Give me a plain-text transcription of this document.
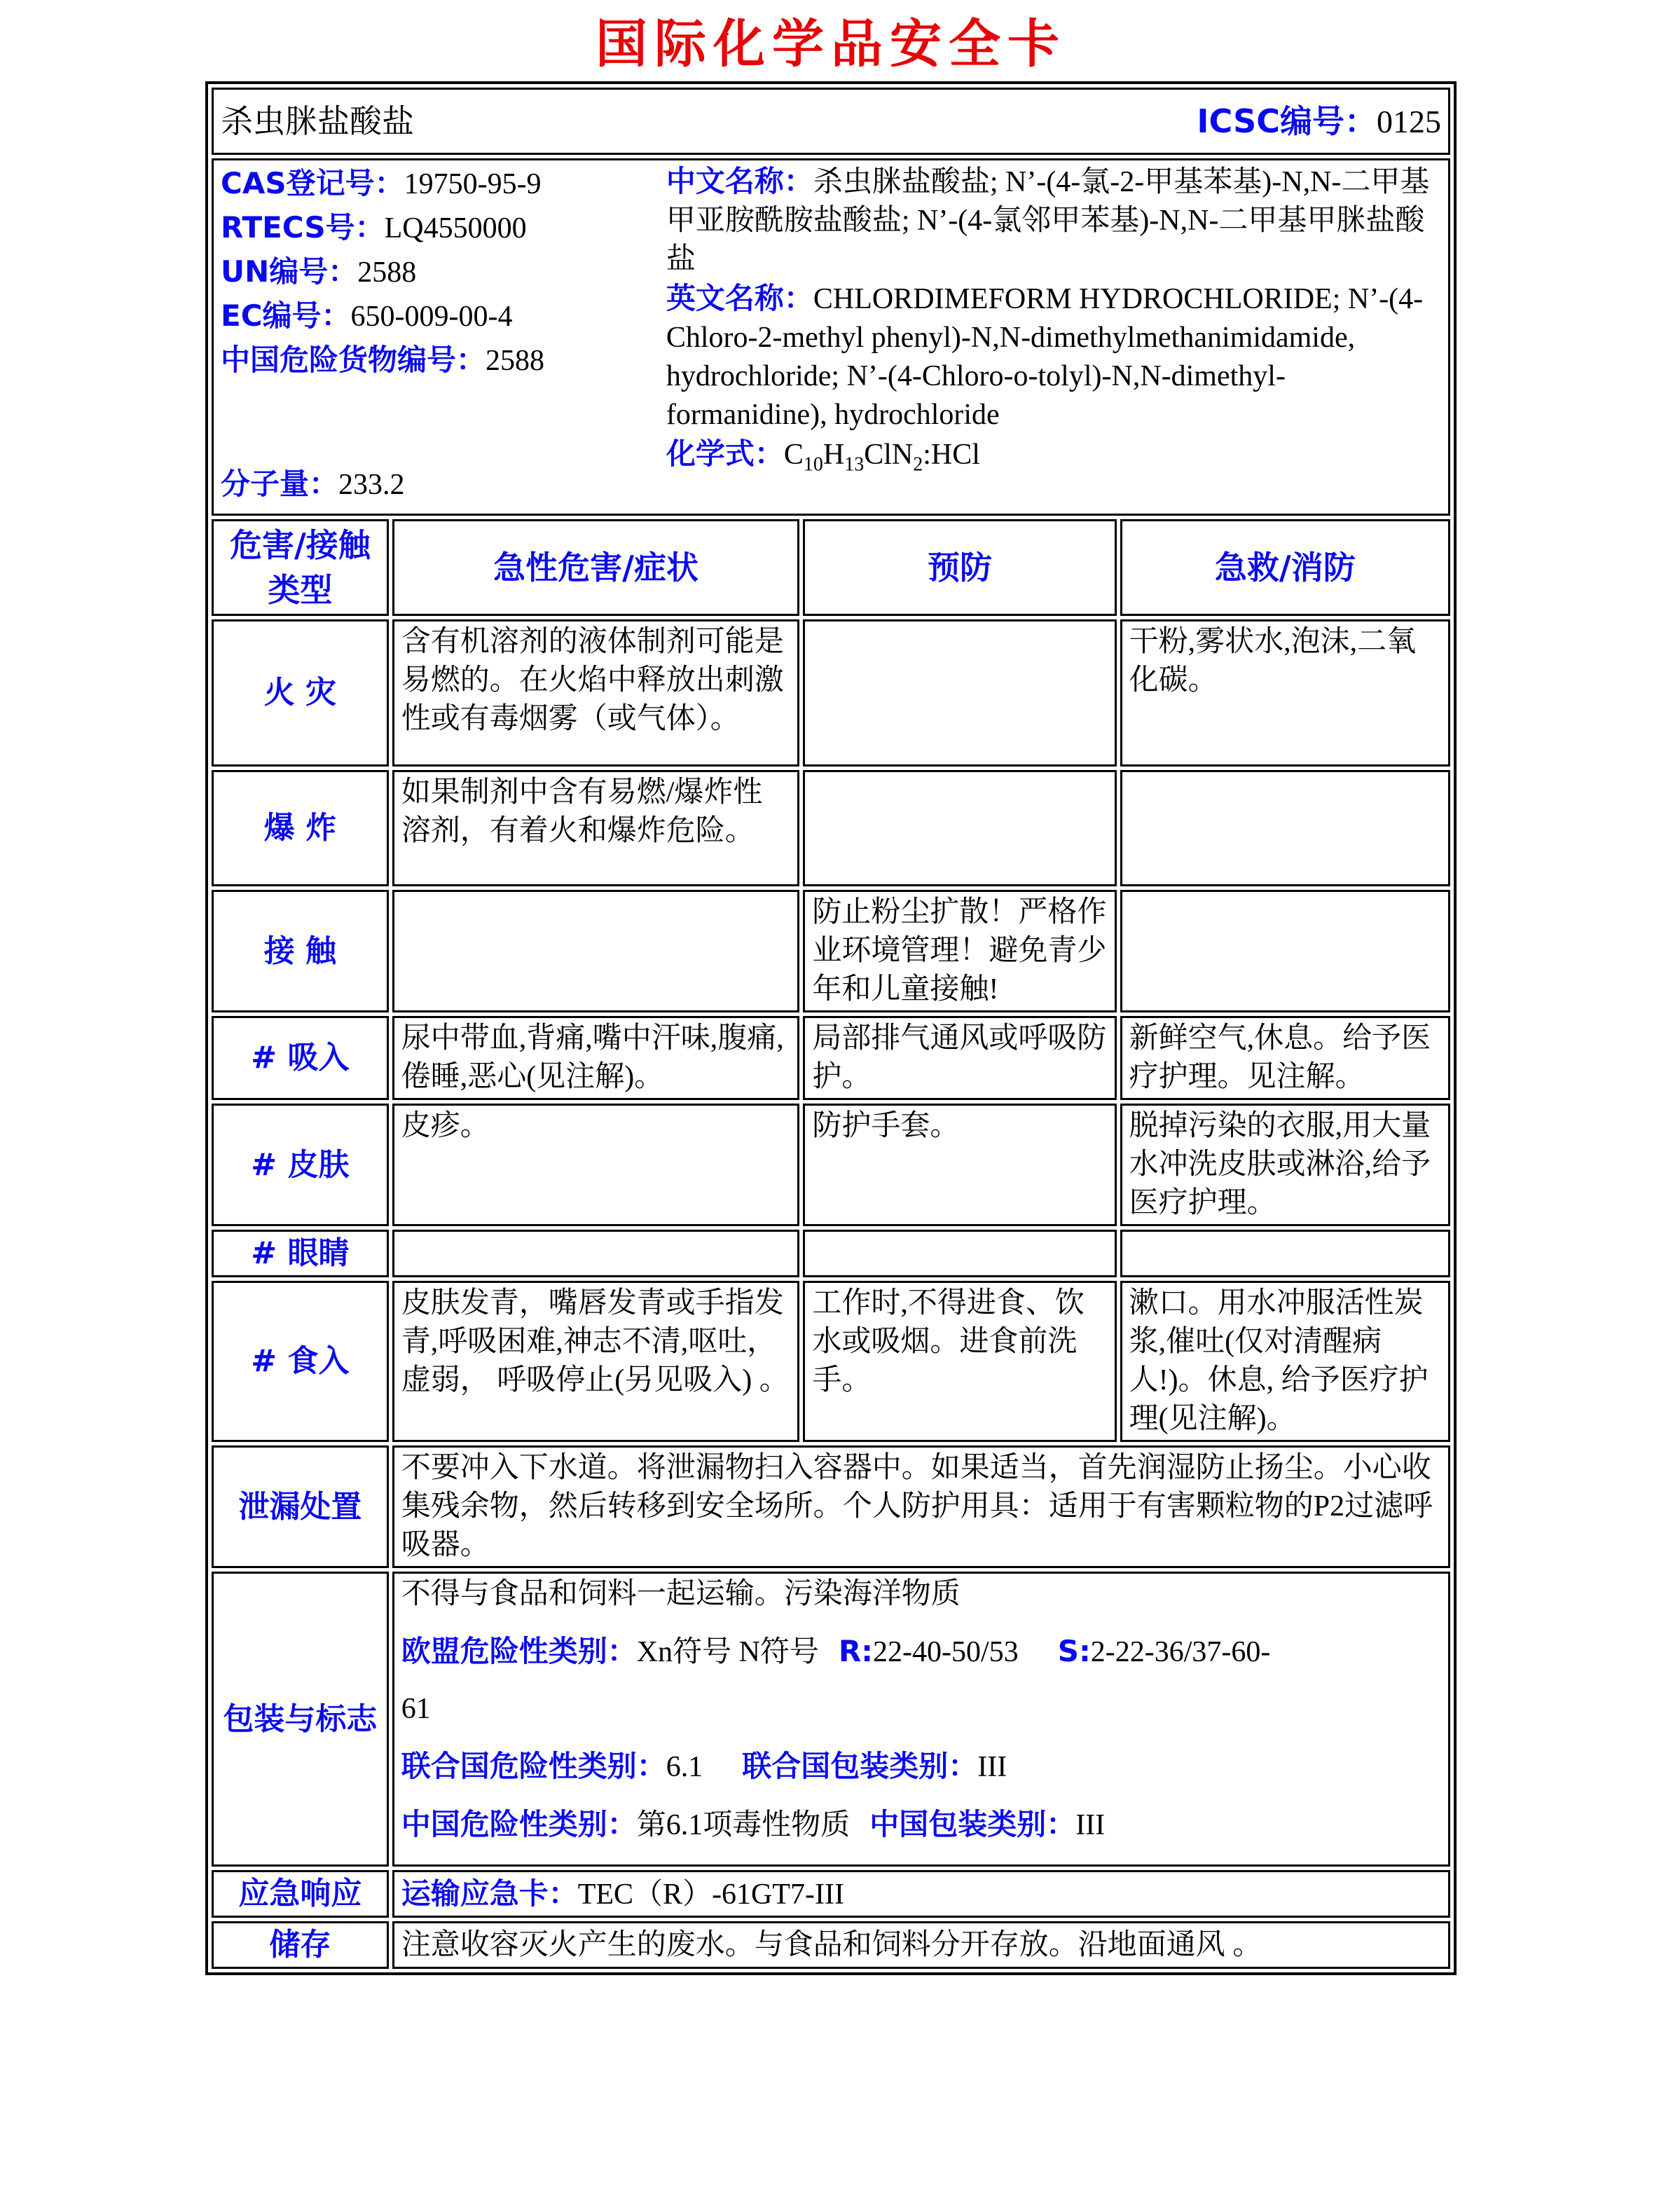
国际化学品安全卡
杀虫脒盐酸盐 ICSC编号：0125			

CAS登记号：19750-95-9
RTECS号：LQ4550000
UN编号：2588
EC编号：650-009-00-4
中国危险货物编号：2588
分子量：233.2

中文名称：杀虫脒盐酸盐; N’-(4-氯-2-甲基苯基)-N,N-二甲基甲亚胺酰胺盐酸盐; N’-(4-氯邻甲苯基)-N,N-二甲基甲脒盐酸盐

英文名称：CHLORDIMEFORM HYDROCHLORIDE; N’-(4-Chloro-2-methyl phenyl)-N,N-dimethylmethanimidamide, hydrochloride; N’-(4-Chloro-o-tolyl)-N,N-dimethyl-formanidine), hydrochloride

化学式：$C_{10}H_{13}ClN_2:HCl$

危害/接触类型	急性危害/症状	预防	急救/消防
火 灾	含有机溶剂的液体制剂可能是易燃的。在火焰中释放出刺激性或有毒烟雾（或气体）。		干粉,雾状水,泡沫,二氧化碳。
爆 炸	如果制剂中含有易燃/爆炸性溶剂，有着火和爆炸危险。		
接 触		防止粉尘扩散！严格作业环境管理！避免青少年和儿童接触!	
# 吸入	尿中带血,背痛,嘴中汗味,腹痛,倦睡,恶心(见注解)。	局部排气通风或呼吸防护。	新鲜空气,休息。给予医疗护理。见注解。
# 皮肤	皮疹。	防护手套。	脱掉污染的衣服,用大量水冲洗皮肤或淋浴,给予医疗护理。
# 眼睛			
# 食入	皮肤发青，嘴唇发青或手指发青,呼吸困难,神志不清,呕吐， 虚弱， 呼吸停止(另见吸入) 。	工作时,不得进食、饮水或吸烟。进食前洗手。	漱口。用水冲服活性炭浆,催吐(仅对清醒病人!)。休息, 给予医疗护理(见注解)。
泄漏处置	不要冲入下水道。将泄漏物扫入容器中。如果适当，首先润湿防止扬尘。小心收集残余物，然后转移到安全场所。个人防护用具：适用于有害颗粒物的P2过滤呼吸器。		
包装与标志	不得与食品和饲料一起运输。污染海洋物质

欧盟危险性类别：Xn符号 N符号 R:22-40-50/53 S:2-22-36/37-60-

61

联合国危险性类别：6.1 联合国包装类别：III

中国危险性类别：第6.1项毒性物质 中国包装类别：III		

应急响应	运输应急卡：TEC（R）-61GT7-III		
储存	注意收容灭火产生的废水。与食品和饲料分开存放。沿地面通风 。		
